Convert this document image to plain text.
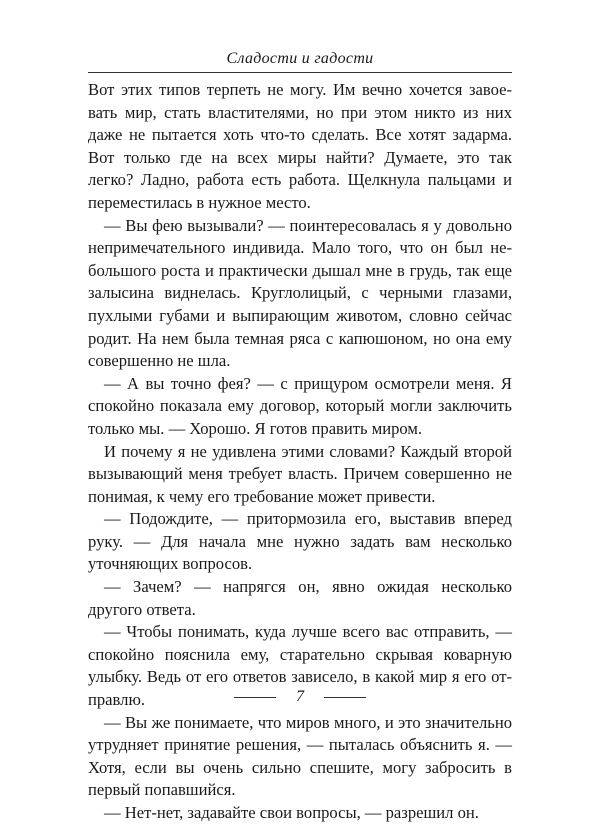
Сладости и гадости

Вот этих типов терпеть не могу. Им вечно хочется завоевать мир, стать властителями, но при этом никто из них даже не пытается хоть что-то сделать. Все хотят задарма. Вот только где на всех миры найти? Думаете, это так легко? Ладно, работа есть работа. Щелкнула пальцами и переместилась в нужное место.

— Вы фею вызывали? — поинтересовалась я у довольно непримечательного индивида. Мало того, что он был небольшого роста и практически дышал мне в грудь, так еще залысина виднелась. Круглолицый, с черными глазами, пухлыми губами и выпирающим животом, словно сейчас родит. На нем была темная ряса с капюшоном, но она ему совершенно не шла.

— А вы точно фея? — с прищуром осмотрели меня. Я спокойно показала ему договор, который могли заключить только мы. — Хорошо. Я готов править миром.

И почему я не удивлена этими словами? Каждый второй вызывающий меня требует власть. Причем совершенно не понимая, к чему его требование может привести.

— Подождите, — притормозила его, выставив вперед руку. — Для начала мне нужно задать вам несколько уточняющих вопросов.

— Зачем? — напрягся он, явно ожидая несколько другого ответа.

— Чтобы понимать, куда лучше всего вас отправить, — спокойно пояснила ему, старательно скрывая коварную улыбку. Ведь от его ответов зависело, в какой мир я его отправлю.

— Вы же понимаете, что миров много, и это значительно утрудняет принятие решения, — пыталась объяснить я. — Хотя, если вы очень сильно спешите, могу забросить в первый попавшийся.

— Нет-нет, задавайте свои вопросы, — разрешил он.

7
